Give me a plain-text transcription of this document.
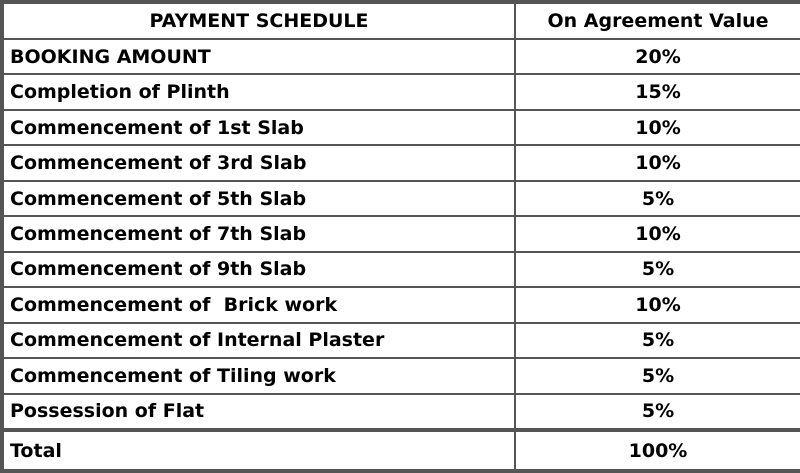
PAYMENT SCHEDULE	On Agreement Value
BOOKING AMOUNT	20%
Completion of Plinth	15%
Commencement of 1st Slab	10%
Commencement of 3rd Slab	10%
Commencement of 5th Slab	5%
Commencement of 7th Slab	10%
Commencement of 9th Slab	5%
Commencement of  Brick work	10%
Commencement of Internal Plaster	5%
Commencement of Tiling work	5%
Possession of Flat	5%
Total	100%
